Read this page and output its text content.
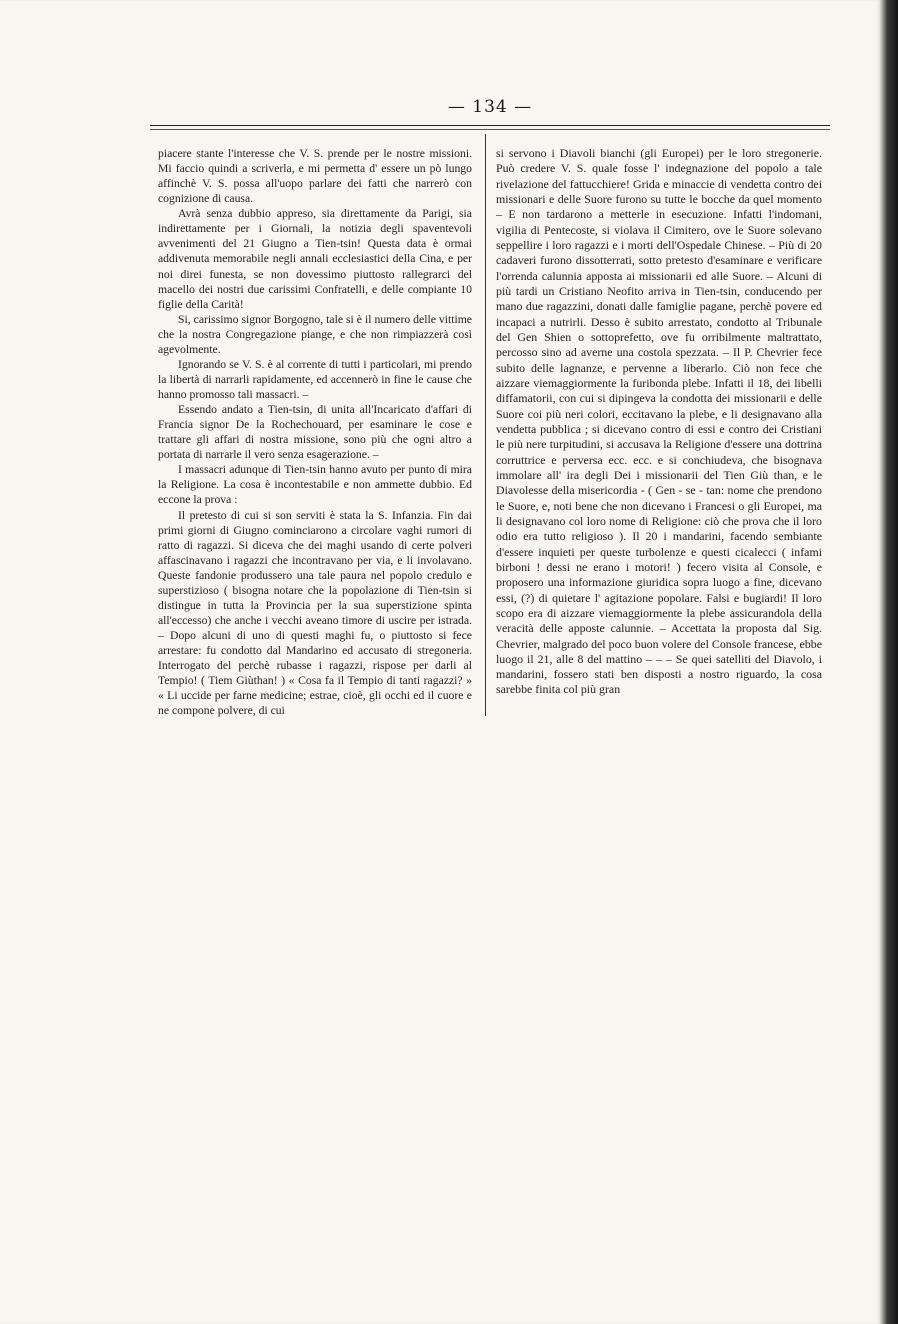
— 134 —

piacere stante l'interesse che V. S. prende per le nostre missioni. Mi faccio quindi a scriverla, e mi permetta d' essere un pò lungo affinchè V. S. possa all'uopo parlare dei fatti che narrerò con cognizione di causa.

Avrà senza dubbio appreso, sia direttamente da Parigi, sia indirettamente per i Giornali, la notizia degli spaventevoli avvenimenti del 21 Giugno a Tien-tsin! Questa data è ormai addivenuta memorabile negli annali ecclesiastici della Cina, e per noi direi funesta, se non dovessimo piuttosto rallegrarci del macello dei nostri due carissimi Confratelli, e delle compiante 10 figlie della Carità!

Si, carissimo signor Borgogno, tale si è il numero delle vittime che la nostra Congregazione piange, e che non rimpiazzerà così agevolmente.

Ignorando se V. S. è al corrente di tutti i particolari, mi prendo la libertà di narrarli rapidamente, ed accennerò in fine le cause che hanno promosso tali massacri. –

Essendo andato a Tien-tsin, di unita all'Incaricato d'affari di Francia signor De la Rochechouard, per esaminare le cose e trattare gli affari di nostra missione, sono più che ogni altro a portata di narrarle il vero senza esagerazione. –

I massacri adunque di Tien-tsin hanno avuto per punto di mira la Religione. La cosa è incontestabile e non ammette dubbio. Ed eccone la prova :

Il pretesto di cui si son serviti è stata la S. Infanzia. Fin dai primi giorni di Giugno cominciarono a circolare vaghi rumori di ratto di ragazzi. Si diceva che dei maghi usando di certe polveri affascinavano i ragazzi che incontravano per via, e li involavano. Queste fandonie produssero una tale paura nel popolo credulo e superstizioso ( bisogna notare che la popolazione di Tien-tsin si distingue in tutta la Provincia per la sua superstizione spinta all'eccesso) che anche i vecchi aveano timore di uscire per istrada. – Dopo alcuni di uno di questi maghi fu, o piuttosto si fece arrestare: fu condotto dal Mandarino ed accusato di stregoneria. Interrogato del perchè rubasse i ragazzi, rispose per darli al Tempio! ( Tiem Giùthan! ) « Cosa fa il Tempio di tanti ragazzi? » « Li uccide per farne medicine; estrae, cioè, gli occhi ed il cuore e ne compone polvere, di cui

si servono i Diavoli bianchi (gli Europei) per le loro stregonerie. Può credere V. S. quale fosse l' indegnazione del popolo a tale rivelazione del fattucchiere! Grida e minaccie di vendetta contro dei missionari e delle Suore furono su tutte le bocche da quel momento – E non tardarono a metterle in esecuzione. Infatti l'indomani, vigilia di Pentecoste, si violava il Cimitero, ove le Suore solevano seppellire i loro ragazzi e i morti dell'Ospedale Chinese. – Più di 20 cadaveri furono dissotterrati, sotto pretesto d'esaminare e verificare l'orrenda calunnia apposta ai missionarii ed alle Suore. – Alcuni di più tardi un Cristiano Neofito arriva in Tien-tsin, conducendo per mano due ragazzini, donati dalle famiglie pagane, perchè povere ed incapaci a nutrirli. Desso è subito arrestato, condotto al Tribunale del Gen Shien o sottoprefetto, ove fu orribilmente maltrattato, percosso sino ad averne una costola spezzata. – Il P. Chevrier fece subito delle lagnanze, e pervenne a liberarlo. Ciò non fece che aizzare viemaggiormente la furibonda plebe. Infatti il 18, dei libelli diffamatorii, con cui si dipingeva la condotta dei missionarii e delle Suore coi più neri colori, eccitavano la plebe, e li designavano alla vendetta pubblica ; si dicevano contro di essi e contro dei Cristiani le più nere turpitudini, si accusava la Religione d'essere una dottrina corruttrice e perversa ecc. ecc. e si conchiudeva, che bisognava immolare all' ira degli Dei i missionarii del Tien Giù than, e le Diavolesse della misericordia - ( Gen - se - tan: nome che prendono le Suore, e, noti bene che non dicevano i Francesi o gli Europei, ma li designavano col loro nome di Religione: ciò che prova che il loro odio era tutto religioso ). Il 20 i mandarini, facendo sembiante d'essere inquieti per queste turbolenze e questi cicalecci ( infami birboni ! dessi ne erano i motori! ) fecero visita al Console, e proposero una informazione giuridica sopra luogo a fine, dicevano essi, (?) di quietare l' agitazione popolare. Falsi e bugiardi! Il loro scopo era di aizzare viemaggiormente la plebe assicurandola della veracità delle apposte calunnie. – Accettata la proposta dal Sig. Chevrier, malgrado del poco buon volere del Console francese, ebbe luogo il 21, alle 8 del mattino – – – Se quei satelliti del Diavolo, i mandarini, fossero stati ben disposti a nostro riguardo, la cosa sarebbe finita col più gran
